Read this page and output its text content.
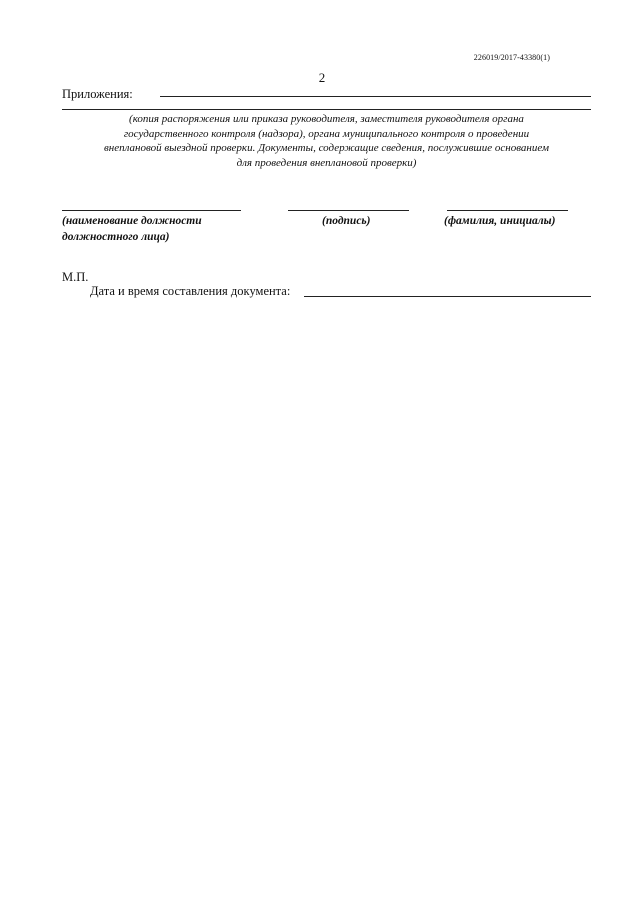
226019/2017-43380(1)
2
Приложения:
(копия распоряжения или приказа руководителя, заместителя руководителя органа
государственного контроля (надзора), органа муниципального контроля о проведении
внеплановой выездной проверки. Документы, содержащие сведения, послужившие основанием
для проведения внеплановой проверки)
(наименование должности
должностного лица)
(подпись)	(фамилия, инициалы)
М.П.
Дата и время составления документа:
